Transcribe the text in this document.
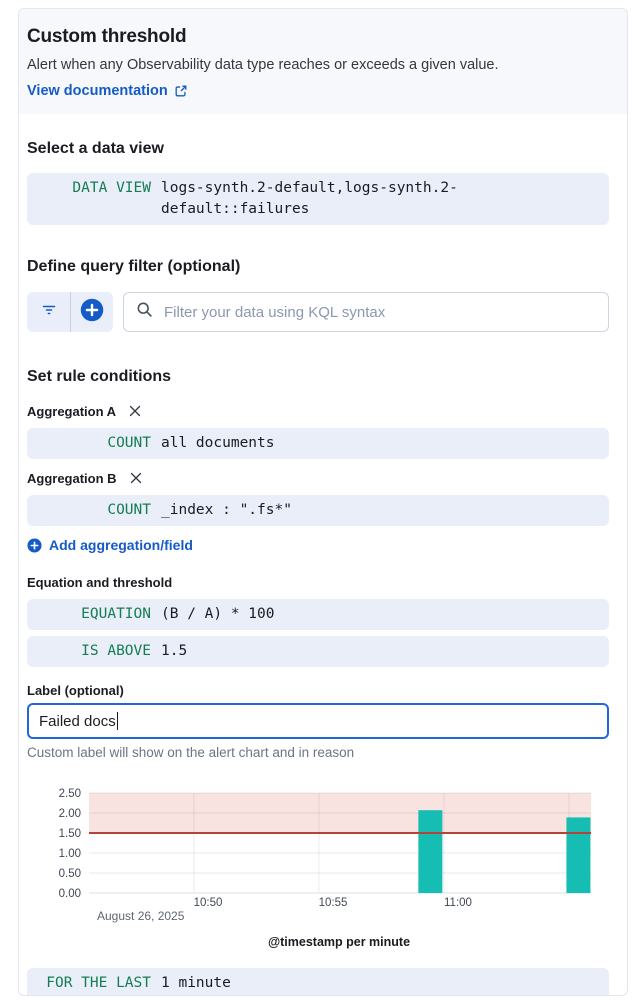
Custom threshold
Alert when any Observability data type reaches or exceeds a given value.
View documentation
Select a data view
DATA VIEW logs-synth.2-default,logs-synth.2-default::failures
Define query filter (optional)
Filter your data using KQL syntax
Set rule conditions
Aggregation A
COUNT all documents
Aggregation B
COUNT _index : ".fs*"
Add aggregation/field
Equation and threshold
EQUATION (B / A) * 100
IS ABOVE 1.5
Label (optional)
Failed docs
Custom label will show on the alert chart and in reason
0.00
0.50
1.00
1.50
2.00
2.50
10:50	10:55	11:00
August 26, 2025
@timestamp per minute
FOR THE LAST 1 minute
